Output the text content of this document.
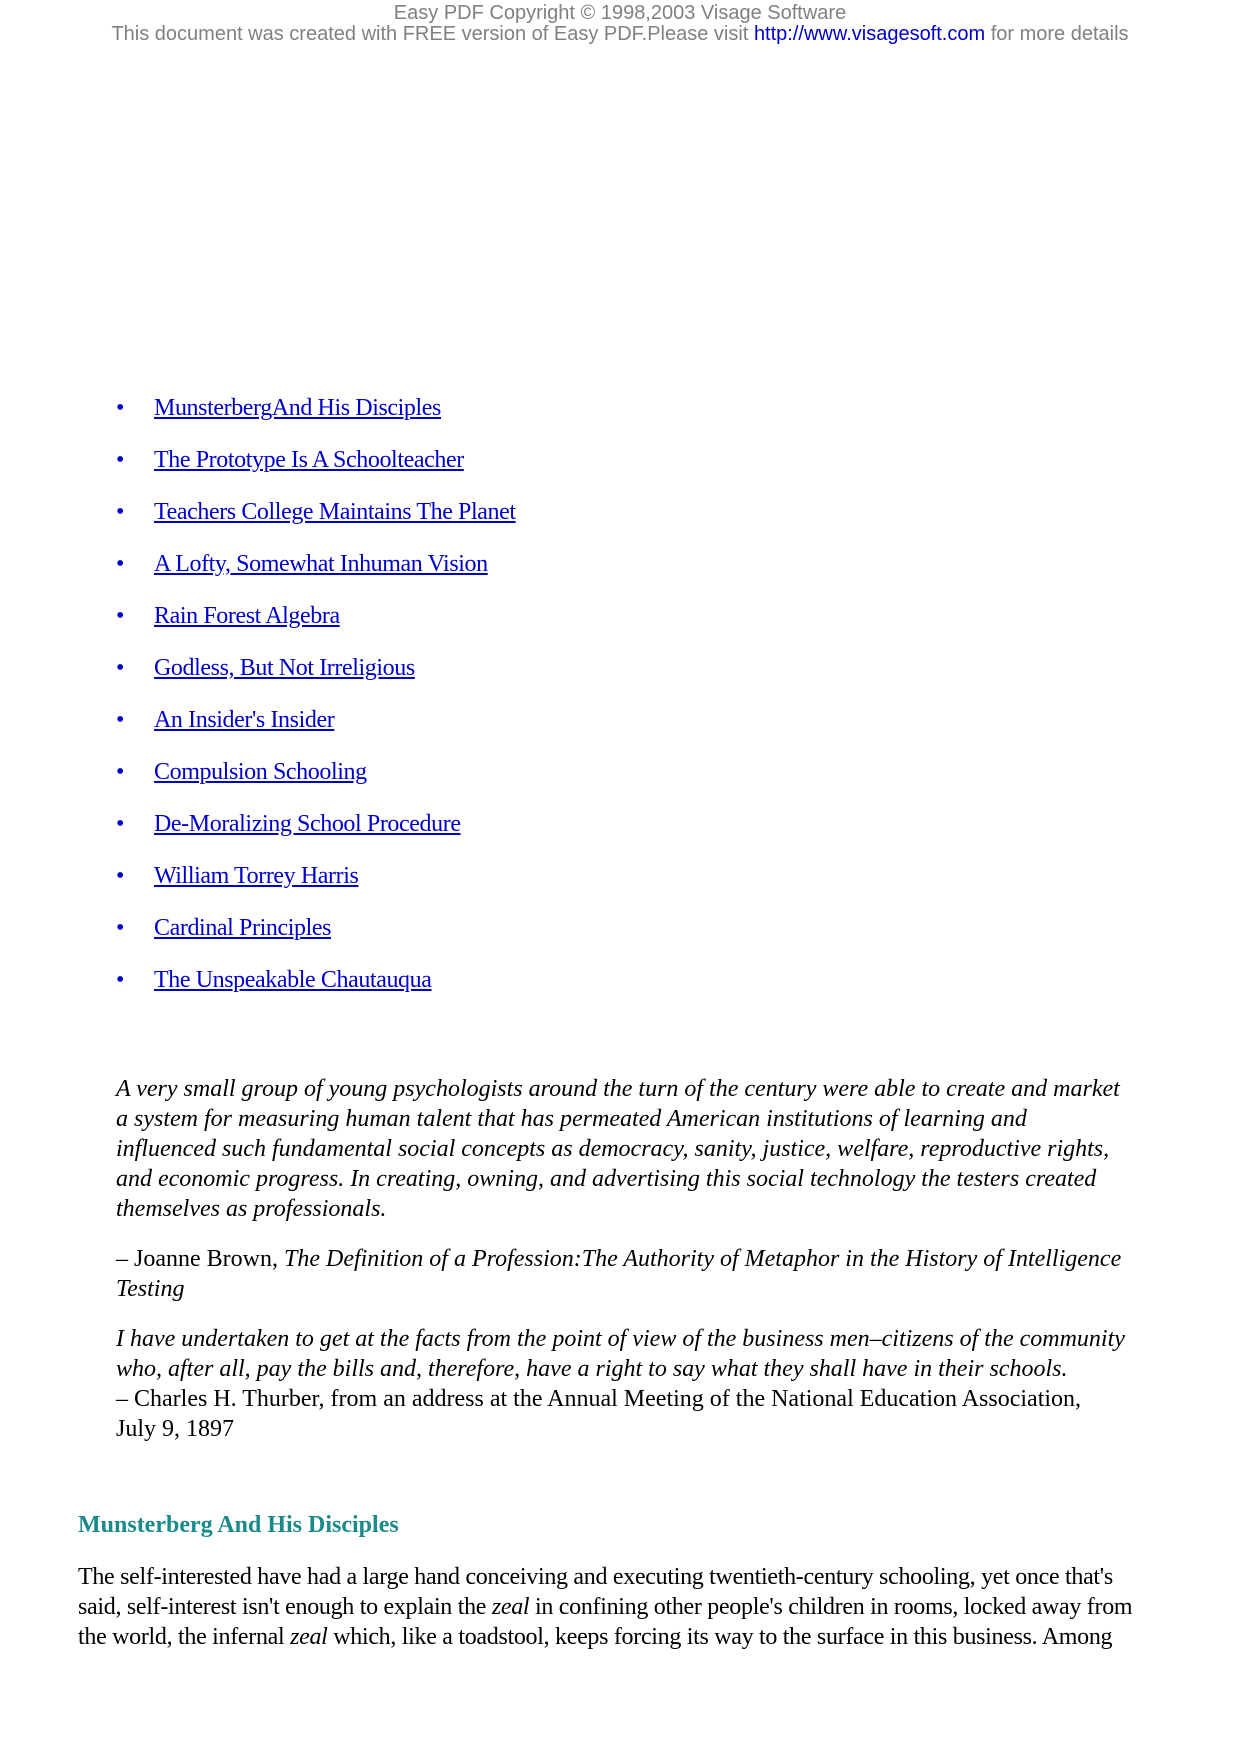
Easy PDF Copyright © 1998,2003 Visage Software
This document was created with FREE version of Easy PDF.Please visit http://www.visagesoft.com for more details
•	MunsterbergAnd His Disciples
•	The Prototype Is A Schoolteacher
•	Teachers College Maintains The Planet
•	A Lofty, Somewhat Inhuman Vision
•	Rain Forest Algebra
•	Godless, But Not Irreligious
•	An Insider's Insider
•	Compulsion Schooling
•	De-Moralizing School Procedure
•	William Torrey Harris
•	Cardinal Principles
•	The Unspeakable Chautauqua

A very small group of young psychologists around the turn of the century were able to create and market a system for measuring human talent that has permeated American institutions of learning and influenced such fundamental social concepts as democracy, sanity, justice, welfare, reproductive rights, and economic progress. In creating, owning, and advertising this social technology the testers created themselves as professionals.

– Joanne Brown, The Definition of a Profession:The Authority of Metaphor in the History of Intelligence Testing

I have undertaken to get at the facts from the point of view of the business men–citizens of the community who, after all, pay the bills and, therefore, have a right to say what they shall have in their schools.

– Charles H. Thurber, from an address at the Annual Meeting of the National Education Association, July 9, 1897

Munsterberg And His Disciples

The self-interested have had a large hand conceiving and executing twentieth-century schooling, yet once that's said, self-interest isn't enough to explain the zeal in confining other people's children in rooms, locked away from the world, the infernal zeal which, like a toadstool, keeps forcing its way to the surface in this business. Among
